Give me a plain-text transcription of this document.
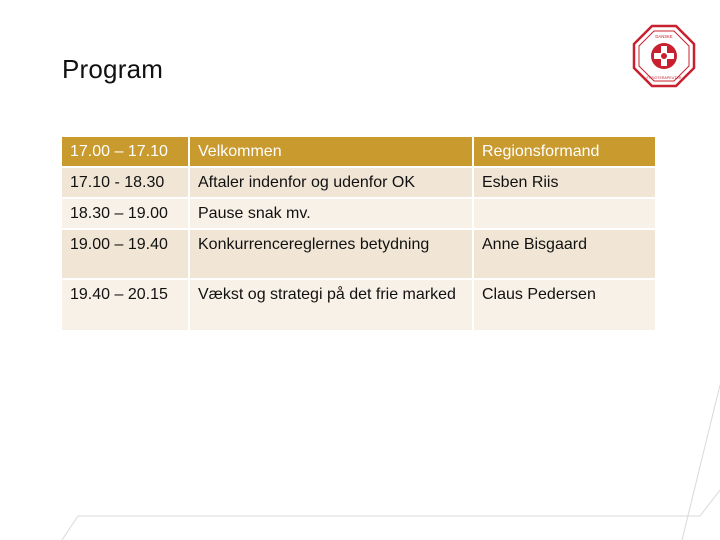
Program
DANSKE
FYSIOTERAPEUTER
17.00 – 17.10	Velkommen	Regionsformand
17.10 - 18.30	Aftaler indenfor og udenfor OK	Esben Riis
18.30 – 19.00	Pause snak mv.	
19.00 – 19.40	Konkurrencereglernes betydning	Anne Bisgaard
19.40 – 20.15	Vækst og strategi på det frie marked	Claus Pedersen
